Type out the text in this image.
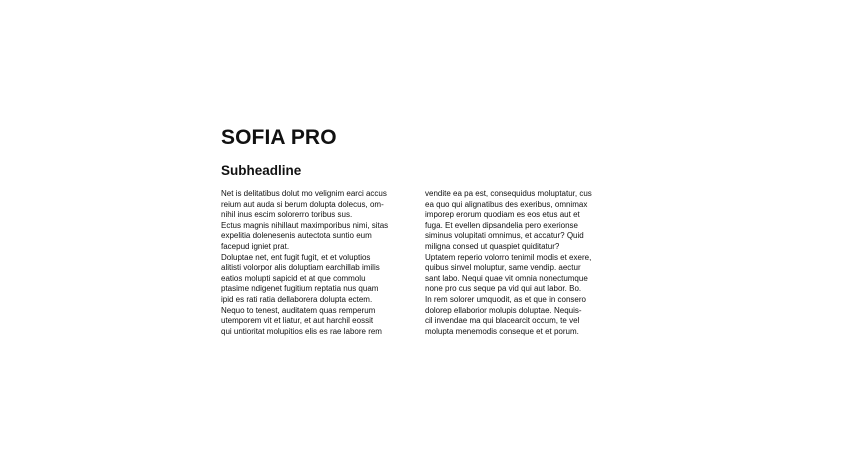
SOFIA PRO
Subheadline

Net is delitatibus dolut mo velignim earci accus

reium aut auda si berum dolupta dolecus, om-

nihil inus escim solorerro toribus sus.

Ectus magnis nihillaut maximporibus nimi, sitas

expelitia dolenesenis autectota suntio eum

facepud igniet prat.

Doluptae net, ent fugit fugit, et et voluptios

alitisti volorpor alis doluptiam earchillab imilis

eatios molupti sapicid et at que commolu

ptasime ndigenet fugitium reptatia nus quam

ipid es rati ratia dellaborera dolupta ectem.

Nequo to tenest, auditatem quas remperum

utemporem vit et liatur, et aut harchil eossit

qui untioritat molupitios elis es rae labore rem

vendite ea pa est, consequidus moluptatur, cus

ea quo qui alignatibus des exeribus, omnimax

imporep erorum quodiam es eos etus aut et

fuga. Et evellen dipsandelia pero exerionse

siminus volupitati omnimus, et accatur? Quid

miligna consed ut quaspiet quiditatur?

Uptatem reperio volorro tenimil modis et exere,

quibus sinvel moluptur, same vendip. aectur

sant labo. Nequi quae vit omnia nonectumque

none pro cus seque pa vid qui aut labor. Bo.

In rem solorer umquodit, as et que in consero

dolorep ellaborior molupis doluptae. Nequis-

cil invendae ma qui blacearcit occum, te vel

molupta menemodis conseque et et porum.
